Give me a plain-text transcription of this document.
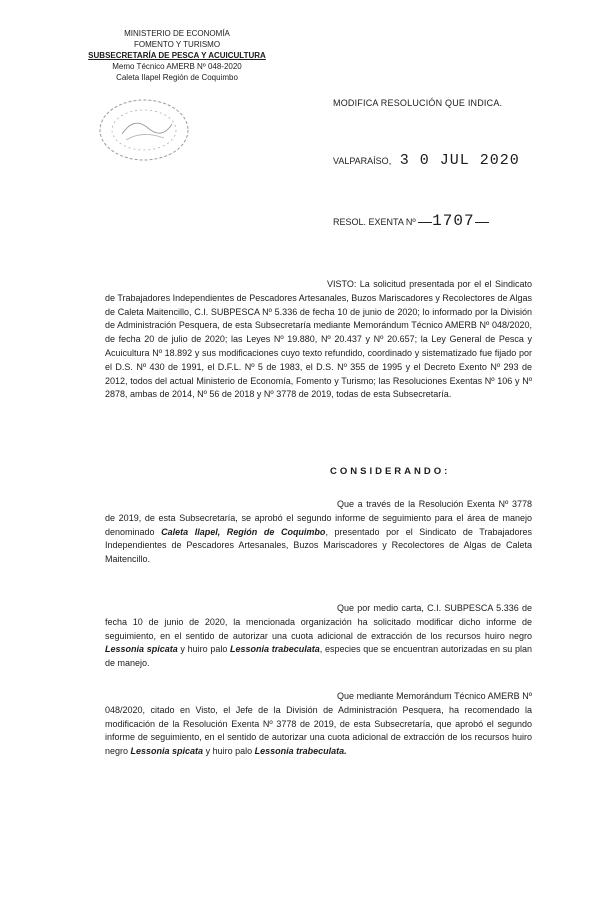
MINISTERIO DE ECONOMÍA
FOMENTO Y TURISMO
SUBSECRETARÍA DE PESCA Y ACUICULTURA
Memo Técnico AMERB Nº 048-2020
Caleta Ilapel Región de Coquimbo
MODIFICA RESOLUCIÓN QUE INDICA.
VALPARAÍSO, 3 0 JUL 2020
RESOL. EXENTA Nº 1707
VISTO: La solicitud presentada por el el Sindicato de Trabajadores Independientes de Pescadores Artesanales, Buzos Mariscadores y Recolectores de Algas de Caleta Maitencillo, C.I. SUBPESCA Nº 5.336 de fecha 10 de junio de 2020; lo informado por la División de Administración Pesquera, de esta Subsecretaría mediante Memorándum Técnico AMERB Nº 048/2020, de fecha 20 de julio de 2020; las Leyes Nº 19.880, Nº 20.437 y Nº 20.657; la Ley General de Pesca y Acuicultura Nº 18.892 y sus modificaciones cuyo texto refundido, coordinado y sistematizado fue fijado por el D.S. Nº 430 de 1991, el D.F.L. Nº 5 de 1983, el D.S. Nº 355 de 1995 y el Decreto Exento Nº 293 de 2012, todos del actual Ministerio de Economía, Fomento y Turismo; las Resoluciones Exentas Nº 106 y Nº 2878, ambas de 2014, Nº 56 de 2018 y Nº 3778 de 2019, todas de esta Subsecretaría.
CONSIDERANDO:
Que a través de la Resolución Exenta Nº 3778 de 2019, de esta Subsecretaría, se aprobó el segundo informe de seguimiento para el área de manejo denominado Caleta Ilapel, Región de Coquimbo, presentado por el Sindicato de Trabajadores Independientes de Pescadores Artesanales, Buzos Mariscadores y Recolectores de Algas de Caleta Maitencillo.
Que por medio carta, C.I. SUBPESCA 5.336 de fecha 10 de junio de 2020, la mencionada organización ha solicitado modificar dicho informe de seguimiento, en el sentido de autorizar una cuota adicional de extracción de los recursos huiro negro Lessonia spicata y huiro palo Lessonia trabeculata, especies que se encuentran autorizadas en su plan de manejo.
Que mediante Memorándum Técnico AMERB Nº 048/2020, citado en Visto, el Jefe de la División de Administración Pesquera, ha recomendado la modificación de la Resolución Exenta Nº 3778 de 2019, de esta Subsecretaría, que aprobó el segundo informe de seguimiento, en el sentido de autorizar una cuota adicional de extracción de los recursos huiro negro Lessonia spicata y huiro palo Lessonia trabeculata.
